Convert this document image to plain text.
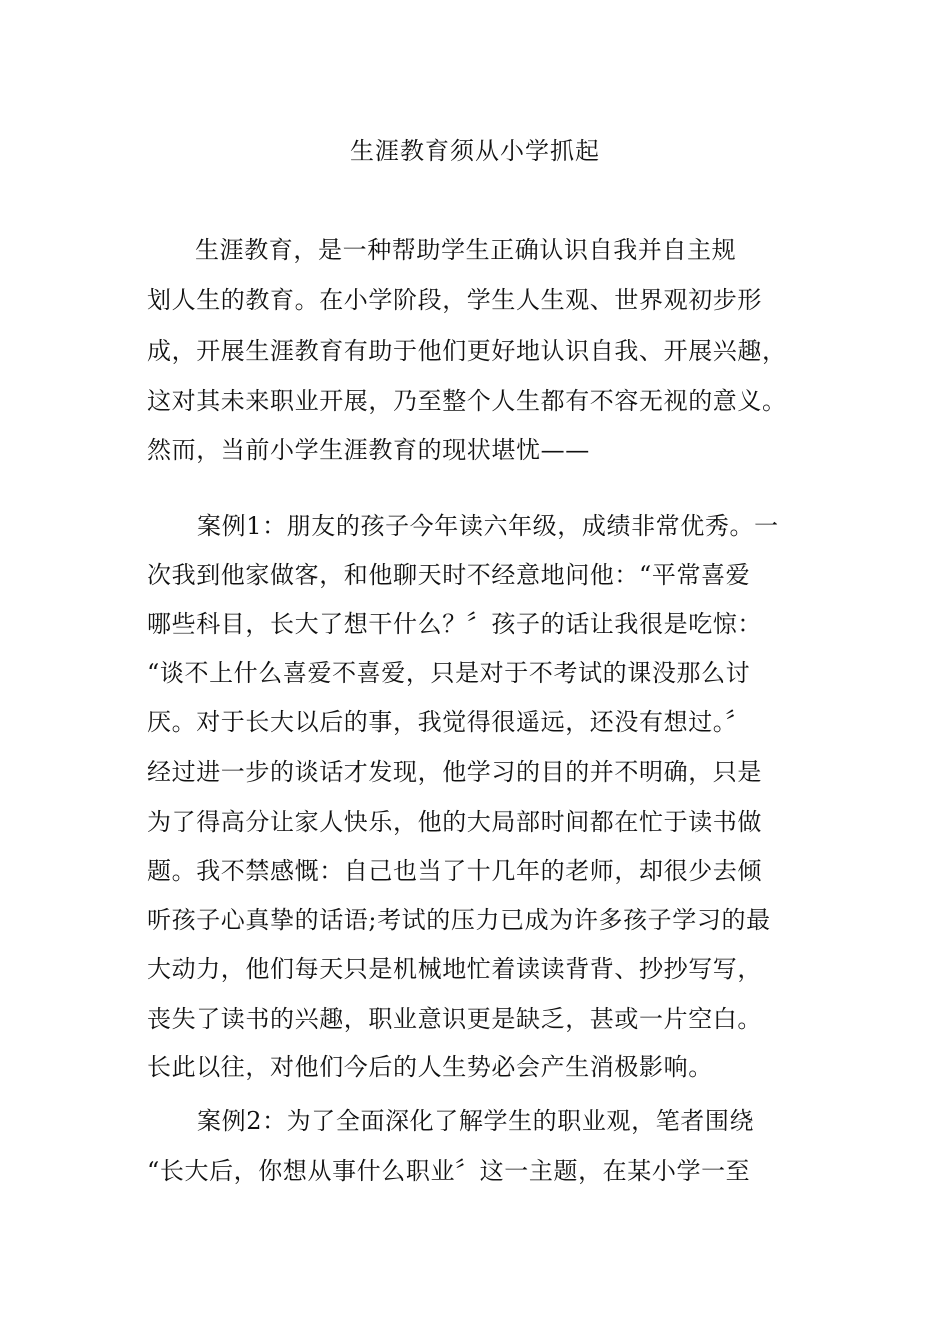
生涯教育须从小学抓起
生涯教育，是一种帮助学生正确认识自我并自主规
划人生的教育。在小学阶段，学生人生观、世界观初步形
成，开展生涯教育有助于他们更好地认识自我、开展兴趣，
这对其未来职业开展，乃至整个人生都有不容无视的意义。
然而，当前小学生涯教育的现状堪忧——
案例1：朋友的孩子今年读六年级，成绩非常优秀。一
次我到他家做客，和他聊天时不经意地问他：“平常喜爱
哪些科目，长大了想干什么？〞孩子的话让我很是吃惊：
“谈不上什么喜爱不喜爱，只是对于不考试的课没那么讨
厌。对于长大以后的事，我觉得很遥远，还没有想过。〞
经过进一步的谈话才发现，他学习的目的并不明确，只是
为了得高分让家人快乐，他的大局部时间都在忙于读书做
题。我不禁感慨：自己也当了十几年的老师，却很少去倾
听孩子心真挚的话语;考试的压力已成为许多孩子学习的最
大动力，他们每天只是机械地忙着读读背背、抄抄写写，
丧失了读书的兴趣，职业意识更是缺乏，甚或一片空白。
长此以往，对他们今后的人生势必会产生消极影响。
案例2：为了全面深化了解学生的职业观，笔者围绕
“长大后，你想从事什么职业〞这一主题，在某小学一至
